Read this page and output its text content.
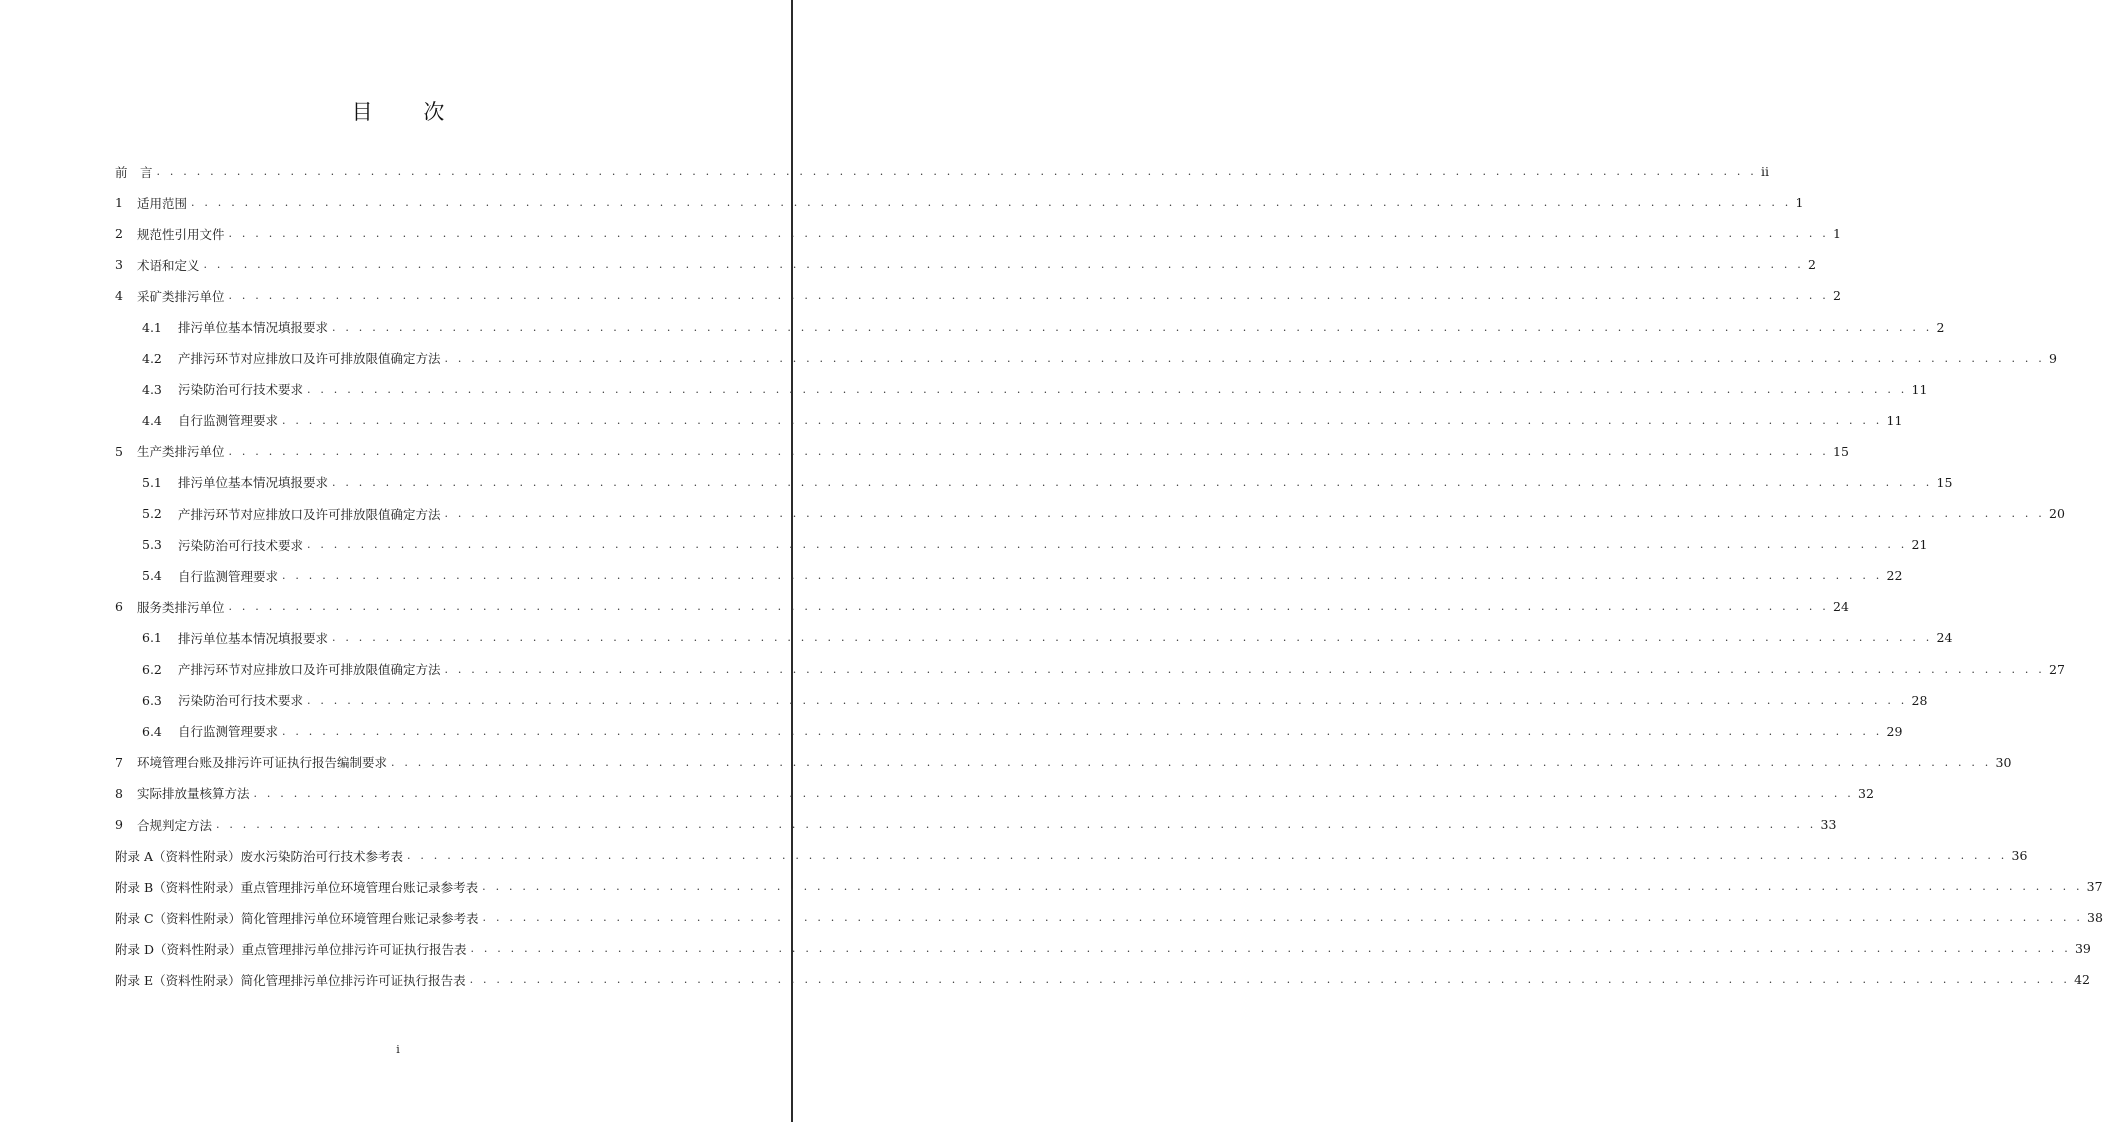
目 次
前　言 . . . . . . . . . . . . . . . . . . . . . . . . . . . . . . . . . . . . . . . . . . . . . . . . . . . . . . . . . . . . . . . . . . . . . . . . . . . . . . . . . . . . . . . . . . . . . . . . . . . . . . . . . . . . . . . . . . . . . . . . ii
1	适用范围 . . . . . . . . . . . . . . . . . . . . . . . . . . . . . . . . . . . . . . . . . . . . . . . . . . . . . . . . . . . . . . . . . . . . . . . . . . . . . . . . . . . . . . . . . . . . . . . . . . . . . . . . . . . . . . . . . . . . . . . . 1
2	规范性引用文件 . . . . . . . . . . . . . . . . . . . . . . . . . . . . . . . . . . . . . . . . . . . . . . . . . . . . . . . . . . . . . . . . . . . . . . . . . . . . . . . . . . . . . . . . . . . . . . . . . . . . . . . . . . . . . . . . . . . . . . . . 1
3	术语和定义 . . . . . . . . . . . . . . . . . . . . . . . . . . . . . . . . . . . . . . . . . . . . . . . . . . . . . . . . . . . . . . . . . . . . . . . . . . . . . . . . . . . . . . . . . . . . . . . . . . . . . . . . . . . . . . . . . . . . . . . . 2
4	采矿类排污单位 . . . . . . . . . . . . . . . . . . . . . . . . . . . . . . . . . . . . . . . . . . . . . . . . . . . . . . . . . . . . . . . . . . . . . . . . . . . . . . . . . . . . . . . . . . . . . . . . . . . . . . . . . . . . . . . . . . . . . . . . 2
4.1	排污单位基本情况填报要求 . . . . . . . . . . . . . . . . . . . . . . . . . . . . . . . . . . . . . . . . . . . . . . . . . . . . . . . . . . . . . . . . . . . . . . . . . . . . . . . . . . . . . . . . . . . . . . . . . . . . . . . . . . . . . . . . . . . . . . . . 2
4.2	产排污环节对应排放口及许可排放限值确定方法 . . . . . . . . . . . . . . . . . . . . . . . . . . . . . . . . . . . . . . . . . . . . . . . . . . . . . . . . . . . . . . . . . . . . . . . . . . . . . . . . . . . . . . . . . . . . . . . . . . . . . . . . . . . . . . . . . . . . . . . . 9
4.3	污染防治可行技术要求 . . . . . . . . . . . . . . . . . . . . . . . . . . . . . . . . . . . . . . . . . . . . . . . . . . . . . . . . . . . . . . . . . . . . . . . . . . . . . . . . . . . . . . . . . . . . . . . . . . . . . . . . . . . . . . . . . . . . . . . . 11
4.4	自行监测管理要求 . . . . . . . . . . . . . . . . . . . . . . . . . . . . . . . . . . . . . . . . . . . . . . . . . . . . . . . . . . . . . . . . . . . . . . . . . . . . . . . . . . . . . . . . . . . . . . . . . . . . . . . . . . . . . . . . . . . . . . . . 11
5	生产类排污单位 . . . . . . . . . . . . . . . . . . . . . . . . . . . . . . . . . . . . . . . . . . . . . . . . . . . . . . . . . . . . . . . . . . . . . . . . . . . . . . . . . . . . . . . . . . . . . . . . . . . . . . . . . . . . . . . . . . . . . . . . 15
5.1	排污单位基本情况填报要求 . . . . . . . . . . . . . . . . . . . . . . . . . . . . . . . . . . . . . . . . . . . . . . . . . . . . . . . . . . . . . . . . . . . . . . . . . . . . . . . . . . . . . . . . . . . . . . . . . . . . . . . . . . . . . . . . . . . . . . . . 15
5.2	产排污环节对应排放口及许可排放限值确定方法 . . . . . . . . . . . . . . . . . . . . . . . . . . . . . . . . . . . . . . . . . . . . . . . . . . . . . . . . . . . . . . . . . . . . . . . . . . . . . . . . . . . . . . . . . . . . . . . . . . . . . . . . . . . . . . . . . . . . . . . . 20
5.3	污染防治可行技术要求 . . . . . . . . . . . . . . . . . . . . . . . . . . . . . . . . . . . . . . . . . . . . . . . . . . . . . . . . . . . . . . . . . . . . . . . . . . . . . . . . . . . . . . . . . . . . . . . . . . . . . . . . . . . . . . . . . . . . . . . . 21
5.4	自行监测管理要求 . . . . . . . . . . . . . . . . . . . . . . . . . . . . . . . . . . . . . . . . . . . . . . . . . . . . . . . . . . . . . . . . . . . . . . . . . . . . . . . . . . . . . . . . . . . . . . . . . . . . . . . . . . . . . . . . . . . . . . . . 22
6	服务类排污单位 . . . . . . . . . . . . . . . . . . . . . . . . . . . . . . . . . . . . . . . . . . . . . . . . . . . . . . . . . . . . . . . . . . . . . . . . . . . . . . . . . . . . . . . . . . . . . . . . . . . . . . . . . . . . . . . . . . . . . . . . 24
6.1	排污单位基本情况填报要求 . . . . . . . . . . . . . . . . . . . . . . . . . . . . . . . . . . . . . . . . . . . . . . . . . . . . . . . . . . . . . . . . . . . . . . . . . . . . . . . . . . . . . . . . . . . . . . . . . . . . . . . . . . . . . . . . . . . . . . . . 24
6.2	产排污环节对应排放口及许可排放限值确定方法 . . . . . . . . . . . . . . . . . . . . . . . . . . . . . . . . . . . . . . . . . . . . . . . . . . . . . . . . . . . . . . . . . . . . . . . . . . . . . . . . . . . . . . . . . . . . . . . . . . . . . . . . . . . . . . . . . . . . . . . . 27
6.3	污染防治可行技术要求 . . . . . . . . . . . . . . . . . . . . . . . . . . . . . . . . . . . . . . . . . . . . . . . . . . . . . . . . . . . . . . . . . . . . . . . . . . . . . . . . . . . . . . . . . . . . . . . . . . . . . . . . . . . . . . . . . . . . . . . . 28
6.4	自行监测管理要求 . . . . . . . . . . . . . . . . . . . . . . . . . . . . . . . . . . . . . . . . . . . . . . . . . . . . . . . . . . . . . . . . . . . . . . . . . . . . . . . . . . . . . . . . . . . . . . . . . . . . . . . . . . . . . . . . . . . . . . . . 29
7	环境管理台账及排污许可证执行报告编制要求 . . . . . . . . . . . . . . . . . . . . . . . . . . . . . . . . . . . . . . . . . . . . . . . . . . . . . . . . . . . . . . . . . . . . . . . . . . . . . . . . . . . . . . . . . . . . . . . . . . . . . . . . . . . . . . . . . . . . . . . . 30
8	实际排放量核算方法 . . . . . . . . . . . . . . . . . . . . . . . . . . . . . . . . . . . . . . . . . . . . . . . . . . . . . . . . . . . . . . . . . . . . . . . . . . . . . . . . . . . . . . . . . . . . . . . . . . . . . . . . . . . . . . . . . . . . . . . . 32
9	合规判定方法 . . . . . . . . . . . . . . . . . . . . . . . . . . . . . . . . . . . . . . . . . . . . . . . . . . . . . . . . . . . . . . . . . . . . . . . . . . . . . . . . . . . . . . . . . . . . . . . . . . . . . . . . . . . . . . . . . . . . . . . . 33
附录 A（资料性附录）废水污染防治可行技术参考表 . . . . . . . . . . . . . . . . . . . . . . . . . . . . . . . . . . . . . . . . . . . . . . . . . . . . . . . . . . . . . . . . . . . . . . . . . . . . . . . . . . . . . . . . . . . . . . . . . . . . . . . . . . . . . . . . . . . . . . . . 36
附录 B（资料性附录）重点管理排污单位环境管理台账记录参考表 . . . . . . . . . . . . . . . . . . . . . . . . . . . . . . . . . . . . . . . . . . . . . . . . . . . . . . . . . . . . . . . . . . . . . . . . . . . . . . . . . . . . . . . . . . . . . . . . . . . . . . . . . . . . . . . . . . . . . . . . 37
附录 C（资料性附录）简化管理排污单位环境管理台账记录参考表 . . . . . . . . . . . . . . . . . . . . . . . . . . . . . . . . . . . . . . . . . . . . . . . . . . . . . . . . . . . . . . . . . . . . . . . . . . . . . . . . . . . . . . . . . . . . . . . . . . . . . . . . . . . . . . . . . . . . . . . . 38
附录 D（资料性附录）重点管理排污单位排污许可证执行报告表 . . . . . . . . . . . . . . . . . . . . . . . . . . . . . . . . . . . . . . . . . . . . . . . . . . . . . . . . . . . . . . . . . . . . . . . . . . . . . . . . . . . . . . . . . . . . . . . . . . . . . . . . . . . . . . . . . . . . . . . . 39
附录 E（资料性附录）简化管理排污单位排污许可证执行报告表 . . . . . . . . . . . . . . . . . . . . . . . . . . . . . . . . . . . . . . . . . . . . . . . . . . . . . . . . . . . . . . . . . . . . . . . . . . . . . . . . . . . . . . . . . . . . . . . . . . . . . . . . . . . . . . . . . . . . . . . . 42
i
